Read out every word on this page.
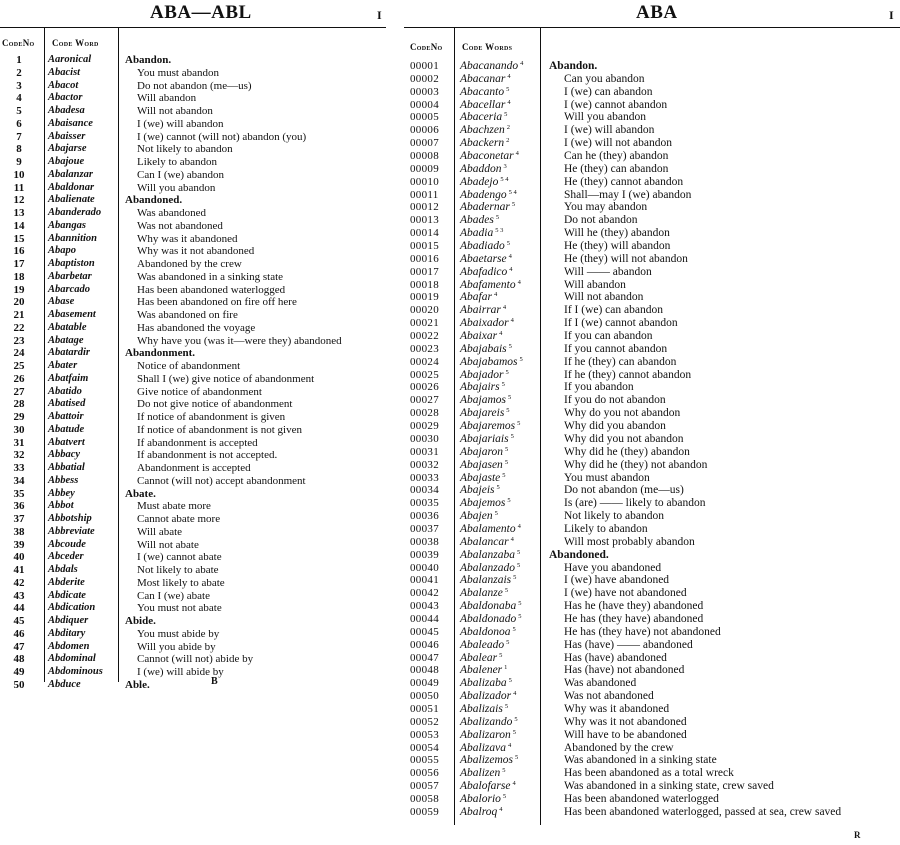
ABA—ABL	I
CodeNo Code Word
1	Aaronical	Abandon.
2	Abacist	You must abandon
3	Abacot	Do not abandon (me—us)
4	Abactor	Will abandon
5	Abadesa	Will not abandon
6	Abaisance	I (we) will abandon
7	Abaisser	I (we) cannot (will not) abandon (you)
8	Abajarse	Not likely to abandon
9	Abajoue	Likely to abandon
10	Abalanzar	Can I (we) abandon
11	Abaldonar	Will you abandon
12	Abalienate	Abandoned.
13	Abanderado	Was abandoned
14	Abangas	Was not abandoned
15	Abannition	Why was it abandoned
16	Abapo	Why was it not abandoned
17	Abaptiston	Abandoned by the crew
18	Abarbetar	Was abandoned in a sinking state
19	Abarcado	Has been abandoned waterlogged
20	Abase	Has been abandoned on fire off here
21	Abasement	Was abandoned on fire
22	Abatable	Has abandoned the voyage
23	Abatage	Why have you (was it—were they) abandoned
24	Abatardir	Abandonment.
25	Abater	Notice of abandonment
26	Abatfaim	Shall I (we) give notice of abandonment
27	Abatido	Give notice of abandonment
28	Abatised	Do not give notice of abandonment
29	Abattoir	If notice of abandonment is given
30	Abatude	If notice of abandonment is not given
31	Abatvert	If abandonment is accepted
32	Abbacy	If abandonment is not accepted.
33	Abbatial	Abandonment is accepted
34	Abbess	Cannot (will not) accept abandonment
35	Abbey	Abate.
36	Abbot	Must abate more
37	Abbotship	Cannot abate more
38	Abbreviate	Will abate
39	Abcoude	Will not abate
40	Abceder	I (we) cannot abate
41	Abdals	Not likely to abate
42	Abderite	Most likely to abate
43	Abdicate	Can I (we) abate
44	Abdication	You must not abate
45	Abdiquer	Abide.
46	Abditary	You must abide by
47	Abdomen	Will you abide by
48	Abdominal	Cannot (will not) abide by
49	Abdominous	I (we) will abide by
50	Abduce	Able.	B
ABA	I
CodeNo Code Words
00001	Abacanando $^4$ Abandon.
00002	Abacanar $^4$	Can you abandon
00003	Abacanto $^5$	I (we) can abandon
00004	Abacellar $^4$	I (we) cannot abandon
00005	Abaceria $^5$	Will you abandon
00006	Abachzen $^2$	I (we) will abandon
00007	Abackern $^2$	I (we) will not abandon
00008	Abaconetar $^4$	Can he (they) abandon
00009	Abaddon $^3$	He (they) can abandon
00010	Abadejo $^{5 4}$	He (they) cannot abandon
00011	Abadengo $^{5 4}$	Shall—may I (we) abandon
00012	Abadernar $^5$	You may abandon
00013	Abades $^5$	Do not abandon
00014	Abadia $^{5 3}$	Will he (they) abandon
00015	Abadiado $^5$	He (they) will abandon
00016	Abaetarse $^4$	He (they) will not abandon
00017	Abafadico $^4$	Will —— abandon
00018	Abafamento $^4$	Will abandon
00019	Abafar $^4$	Will not abandon
00020	Abairrar $^4$	If I (we) can abandon
00021	Abaixador $^4$	If I (we) cannot abandon
00022	Abaixar $^4$	If you can abandon
00023	Abajabais $^5$	If you cannot abandon
00024	Abajabamos $^5$	If he (they) can abandon
00025	Abajador $^5$	If he (they) cannot abandon
00026	Abajairs $^5$	If you abandon
00027	Abajamos $^5$	If you do not abandon
00028	Abajareis $^5$	Why do you not abandon
00029	Abajaremos $^5$	Why did you abandon
00030	Abajariais $^5$	Why did you not abandon
00031	Abajaron $^5$	Why did he (they) abandon
00032	Abajasen $^5$	Why did he (they) not abandon
00033	Abajaste $^5$	You must abandon
00034	Abajeis $^5$	Do not abandon (me—us)
00035	Abajemos $^5$	Is (are) —— likely to abandon
00036	Abajen $^5$	Not likely to abandon
00037	Abalamento $^4$	Likely to abandon
00038	Abalancar $^4$	Will most probably abandon
00039	Abalanzaba $^5$	Abandoned.
00040	Abalanzado $^5$	Have you abandoned
00041	Abalanzais $^5$	I (we) have abandoned
00042	Abalanze $^5$	I (we) have not abandoned
00043	Abaldonaba $^5$	Has he (have they) abandoned
00044	Abaldonado $^5$	He has (they have) abandoned
00045	Abaldonoa $^5$	He has (they have) not abandoned
00046	Abaleado $^5$	Has (have) —— abandoned
00047	Abalear $^5$	Has (have) abandoned
00048	Abalener $^1$	Has (have) not abandoned
00049	Abalizaba $^5$	Was abandoned
00050	Abalizador $^4$	Was not abandoned
00051	Abalizais $^5$	Why was it abandoned
00052	Abalizando $^5$	Why was it not abandoned
00053	Abalizaron $^5$	Will have to be abandoned
00054	Abalizava $^4$	Abandoned by the crew
00055	Abalizemos $^5$	Was abandoned in a sinking state
00056	Abalizen $^5$	Has been abandoned as a total wreck
00057	Abalofarse $^4$	Was abandoned in a sinking state, crew saved
00058	Abalorio $^5$	Has been abandoned waterlogged
00059	Abalroq $^4$	Has been abandoned waterlogged, passed at sea, crew saved
R
